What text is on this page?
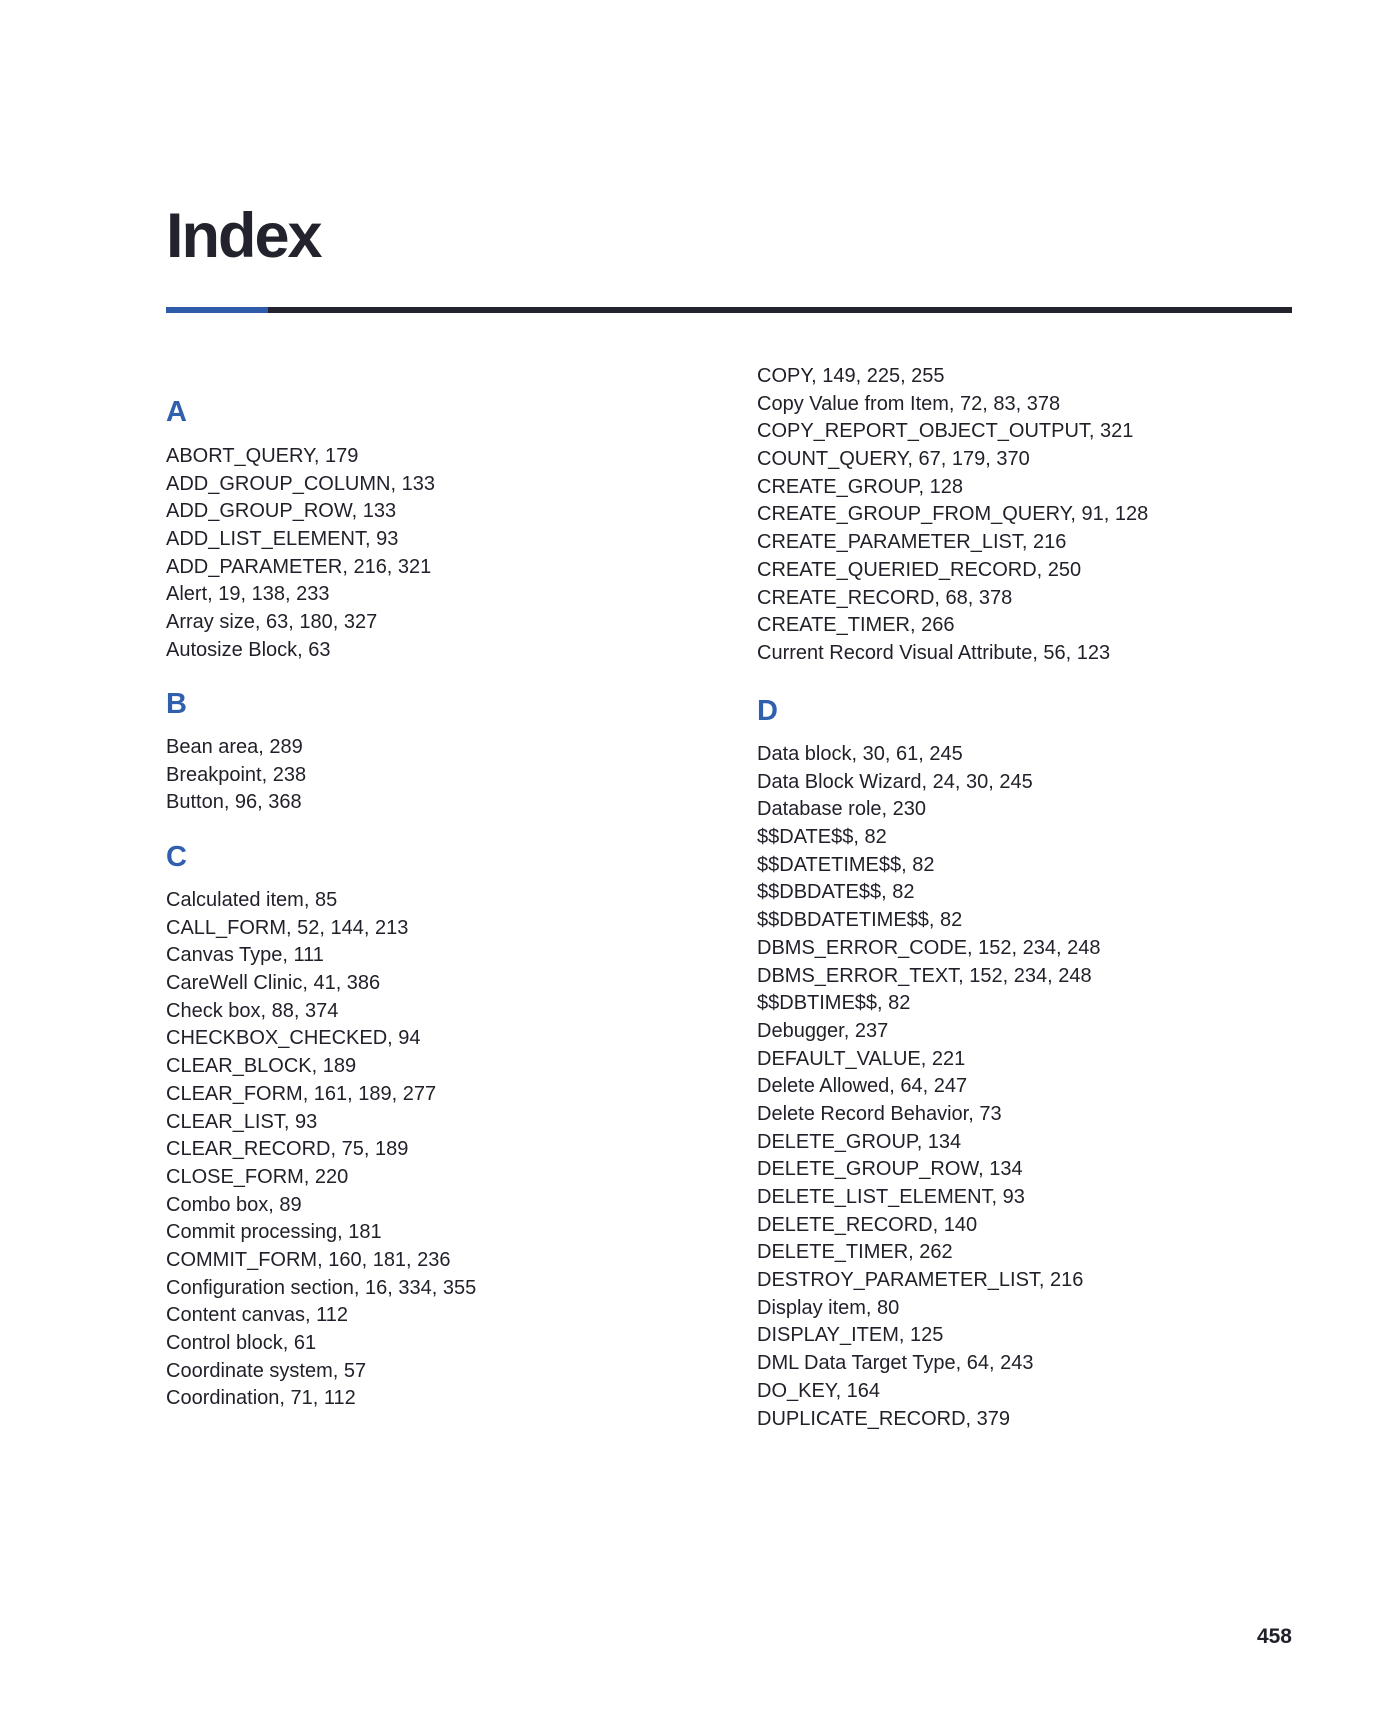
Index
A
ABORT_QUERY, 179
ADD_GROUP_COLUMN, 133
ADD_GROUP_ROW, 133
ADD_LIST_ELEMENT, 93
ADD_PARAMETER, 216, 321
Alert, 19, 138, 233
Array size, 63, 180, 327
Autosize Block, 63
B
Bean area, 289
Breakpoint, 238
Button, 96, 368
C
Calculated item, 85
CALL_FORM, 52, 144, 213
Canvas Type, 111
CareWell Clinic, 41, 386
Check box, 88, 374
CHECKBOX_CHECKED, 94
CLEAR_BLOCK, 189
CLEAR_FORM, 161, 189, 277
CLEAR_LIST, 93
CLEAR_RECORD, 75, 189
CLOSE_FORM, 220
Combo box, 89
Commit processing, 181
COMMIT_FORM, 160, 181, 236
Configuration section, 16, 334, 355
Content canvas, 112
Control block, 61
Coordinate system, 57
Coordination, 71, 112
COPY, 149, 225, 255
Copy Value from Item, 72, 83, 378
COPY_REPORT_OBJECT_OUTPUT, 321
COUNT_QUERY, 67, 179, 370
CREATE_GROUP, 128
CREATE_GROUP_FROM_QUERY, 91, 128
CREATE_PARAMETER_LIST, 216
CREATE_QUERIED_RECORD, 250
CREATE_RECORD, 68, 378
CREATE_TIMER, 266
Current Record Visual Attribute, 56, 123
D
Data block, 30, 61, 245
Data Block Wizard, 24, 30, 245
Database role, 230
$$DATE$$, 82
$$DATETIME$$, 82
$$DBDATE$$, 82
$$DBDATETIME$$, 82
DBMS_ERROR_CODE, 152, 234, 248
DBMS_ERROR_TEXT, 152, 234, 248
$$DBTIME$$, 82
Debugger, 237
DEFAULT_VALUE, 221
Delete Allowed, 64, 247
Delete Record Behavior, 73
DELETE_GROUP, 134
DELETE_GROUP_ROW, 134
DELETE_LIST_ELEMENT, 93
DELETE_RECORD, 140
DELETE_TIMER, 262
DESTROY_PARAMETER_LIST, 216
Display item, 80
DISPLAY_ITEM, 125
DML Data Target Type, 64, 243
DO_KEY, 164
DUPLICATE_RECORD, 379
458
